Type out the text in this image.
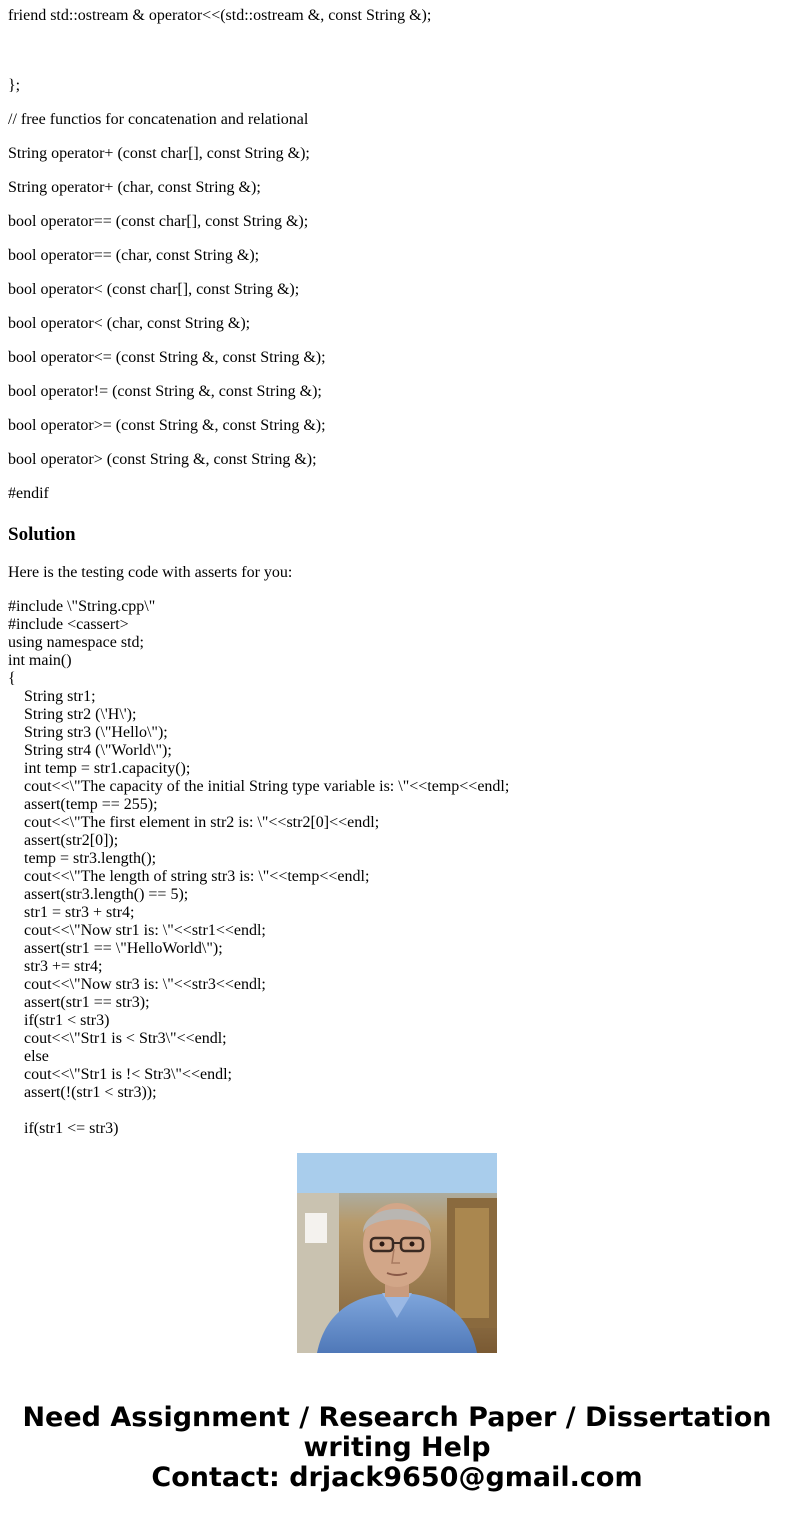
friend std::ostream & operator<<(std::ostream &, const String &);

};

// free functios for concatenation and relational

String operator+ (const char[], const String &);

String operator+ (char, const String &);

bool operator== (const char[], const String &);

bool operator== (char, const String &);

bool operator< (const char[], const String &);

bool operator< (char, const String &);

bool operator<= (const String &, const String &);

bool operator!= (const String &, const String &);

bool operator>= (const String &, const String &);

bool operator> (const String &, const String &);

#endif

Solution

Here is the testing code with asserts for you:

#include \"String.cpp\"
#include <cassert>
using namespace std;
int main()
{
String str1;
String str2 (\'H\');
String str3 (\"Hello\");
String str4 (\"World\");
int temp = str1.capacity();
cout<<\"The capacity of the initial String type variable is: \"<<temp<<endl;
assert(temp == 255);
cout<<\"The first element in str2 is: \"<<str2[0]<<endl;
assert(str2[0]);
temp = str3.length();
cout<<\"The length of string str3 is: \"<<temp<<endl;
assert(str3.length() == 5);
str1 = str3 + str4;
cout<<\"Now str1 is: \"<<str1<<endl;
assert(str1 == \"HelloWorld\");
str3 += str4;
cout<<\"Now str3 is: \"<<str3<<endl;
assert(str1 == str3);
if(str1 < str3)
cout<<\"Str1 is < Str3\"<<endl;
else
cout<<\"Str1 is !< Str3\"<<endl;
assert(!(str1 < str3));
if(str1 <= str3)
Need Assignment / Research Paper / Dissertation
writing Help
Contact: drjack9650@gmail.com
